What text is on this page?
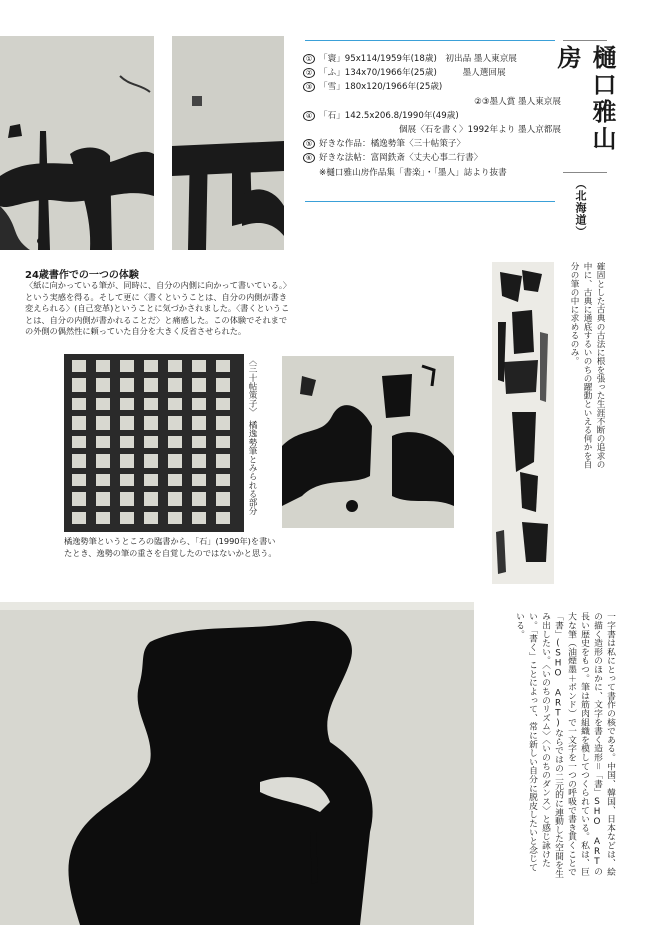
① 「寰」95x114/1959年(18歳)　初出品 墨人東京展
② 「ふ」134x70/1966年(25歳)　　　墨人選回展
③ 「雪」180x120/1966年(25歳)
②③墨人賞 墨人東京展
④ 「石」142.5x206.8/1990年(49歳)
個展〈石を書く〉1992年より 墨人京都展
⑤ 好きな作品：橘逸勢筆〈三十帖策子〉
⑥ 好きな法帖：富岡鉄斎〈丈夫心事二行書〉
※樋口雅山房作品集「書楽」・「墨人」誌より抜書
樋口雅山房
（北海道）
確固とした古典の古法に根を張った生涯不断の追求の中に、古典に通底するいのちの躍動といえる何かを自分の筆の中に求めるのみ。
24歳書作での一つの体験
〈紙に向かっている筆が、同時に、自分の内側に向かって書いている。〉という実感を得る。そして更に〈書くということは、自分の内側が書き変えられる〉(自己変革)ということに気づかされました。〈書くということは、自分の内側が書かれることだ〉と痛感した。この体験でそれまでの外側の偶然性に頼っていた自分を大きく反省させられた。
〈三十帖策子〉　橘逸勢筆とみられる部分
橘逸勢筆というところの臨書から、「石」(1990年)を書いたとき、逸勢の筆の重さを自覚したのではないかと思う。
一字書は私にとって書作の核である。中国、韓国、日本などは、絵の描く造形のほかに、文字を書く造形＝「書」SHO ARTの長い歴史をもつ。筆は筋肉組織を模してつくられている。私は、巨大な筆（油煙墨＋ボンド）で一文字を一つの呼吸で書き貫くことで「書」(SHO ART)ならではの二元的に連動した空間を生み出したい。〈いのちのリズム〉〈いのちのダンス〉と感じ詠けたい。「書く」ことによって、常に新しい自分に脱皮したいと念じている。
